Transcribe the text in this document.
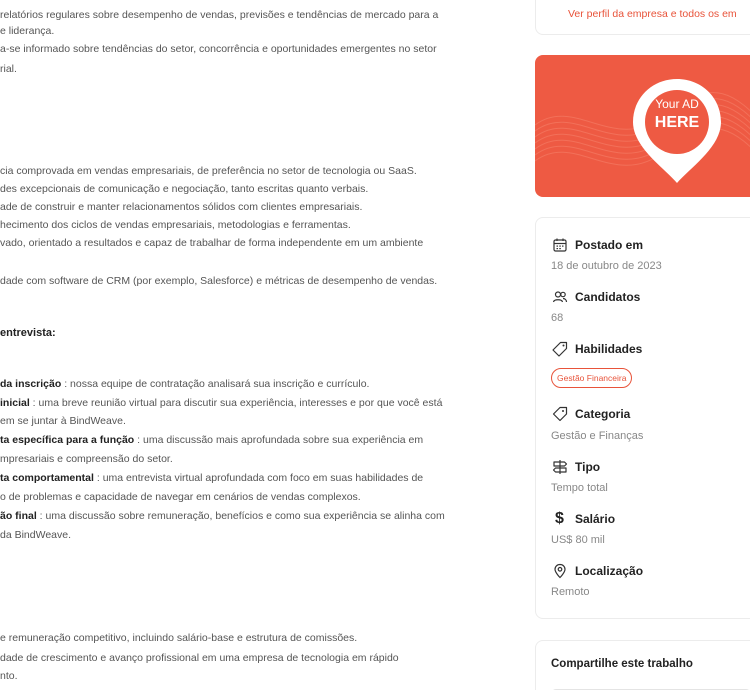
relatórios regulares sobre desempenho de vendas, previsões e tendências de mercado para a
e liderança.
a-se informado sobre tendências do setor, concorrência e oportunidades emergentes no setor
rial.
cia comprovada em vendas empresariais, de preferência no setor de tecnologia ou SaaS.
des excepcionais de comunicação e negociação, tanto escritas quanto verbais.
ade de construir e manter relacionamentos sólidos com clientes empresariais.
hecimento dos ciclos de vendas empresariais, metodologias e ferramentas.
vado, orientado a resultados e capaz de trabalhar de forma independente em um ambiente
dade com software de CRM (por exemplo, Salesforce) e métricas de desempenho de vendas.
entrevista:
da inscrição : nossa equipe de contratação analisará sua inscrição e currículo.
inicial : uma breve reunião virtual para discutir sua experiência, interesses e por que você está
em se juntar à BindWeave.
ta específica para a função : uma discussão mais aprofundada sobre sua experiência em
mpresariais e compreensão do setor.
ta comportamental : uma entrevista virtual aprofundada com foco em suas habilidades de
o de problemas e capacidade de navegar em cenários de vendas complexos.
ão final : uma discussão sobre remuneração, benefícios e como sua experiência se alinha com
da BindWeave.
e remuneração competitivo, incluindo salário-base e estrutura de comissões.
dade de crescimento e avanço profissional em uma empresa de tecnologia em rápido
nto.
Ver perfil da empresa e todos os em
Your AD
HERE
Postado em
18 de outubro de 2023
Candidatos
68
Habilidades
Gestão Financeira
Categoria
Gestão e Finanças
Tipo
Tempo total
$ Salário
US$ 80 mil
Localização
Remoto
Compartilhe este trabalho
